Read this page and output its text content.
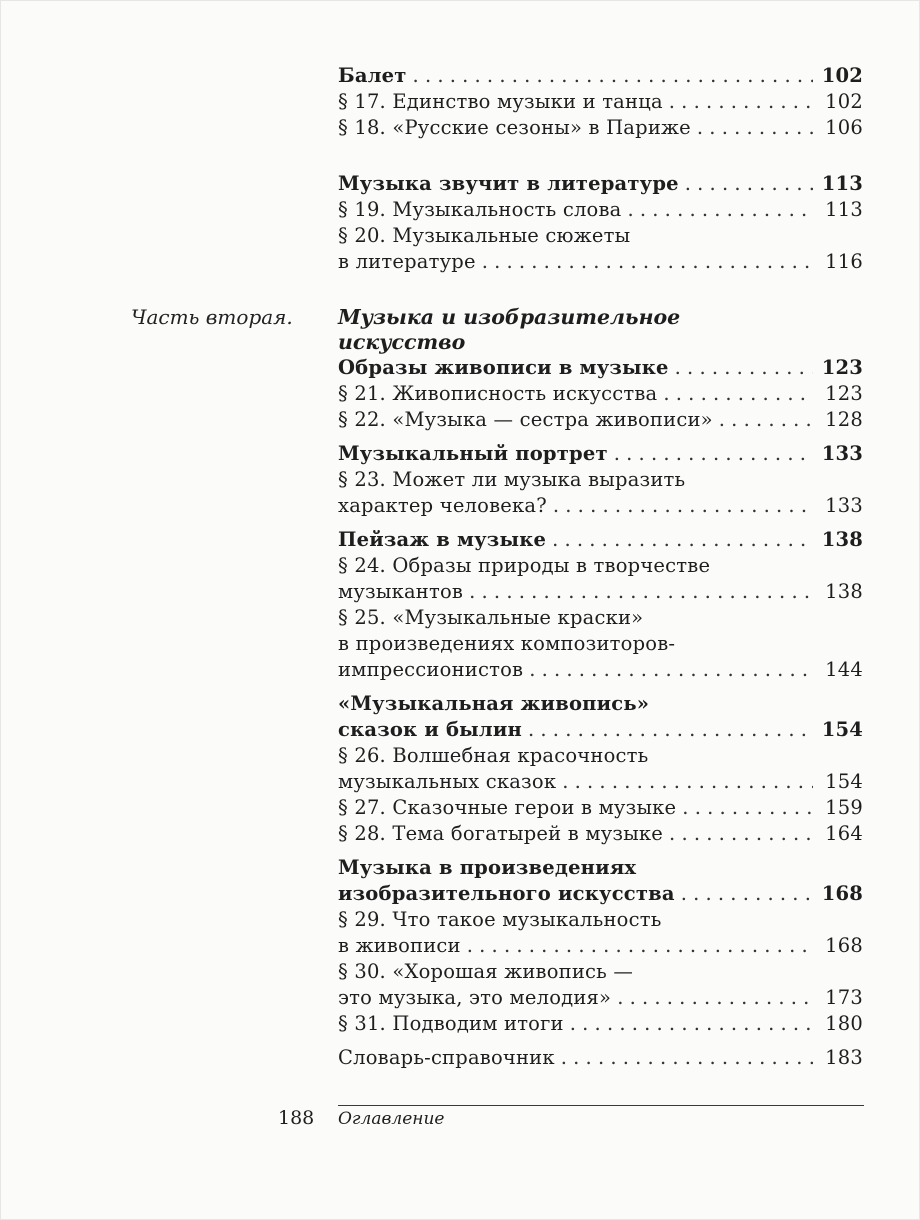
Часть вторая.
Балет . . .	102
§ 17. Единство музыки и танца . . .	102
§ 18. «Русские сезоны» в Париже . . .	106
Музыка звучит в литературе . . .	113
§ 19. Музыкальность слова . . .	113
§ 20. Музыкальные сюжеты
в литературе . . .	116
Музыка и изобразительное
искусство
Образы живописи в музыке . . .	123
§ 21. Живописность искусства . . .	123
§ 22. «Музыка — сестра живописи» . . .	128
Музыкальный портрет . . .	133
§ 23. Может ли музыка выразить
характер человека? . . .	133
Пейзаж в музыке . . .	138
§ 24. Образы природы в творчестве
музыкантов . . .	138
§ 25. «Музыкальные краски»
в произведениях композиторов-
импрессионистов . . .	144
«Музыкальная живопись»
сказок и былин . . .	154
§ 26. Волшебная красочность
музыкальных сказок . . .	154
§ 27. Сказочные герои в музыке . . .	159
§ 28. Тема богатырей в музыке . . .	164
Музыка в произведениях
изобразительного искусства . . .	168
§ 29. Что такое музыкальность
в живописи . . .	168
§ 30. «Хорошая живопись —
это музыка, это мелодия» . . .	173
§ 31. Подводим итоги . . .	180
Словарь-справочник . . .	183
188 Оглавление
